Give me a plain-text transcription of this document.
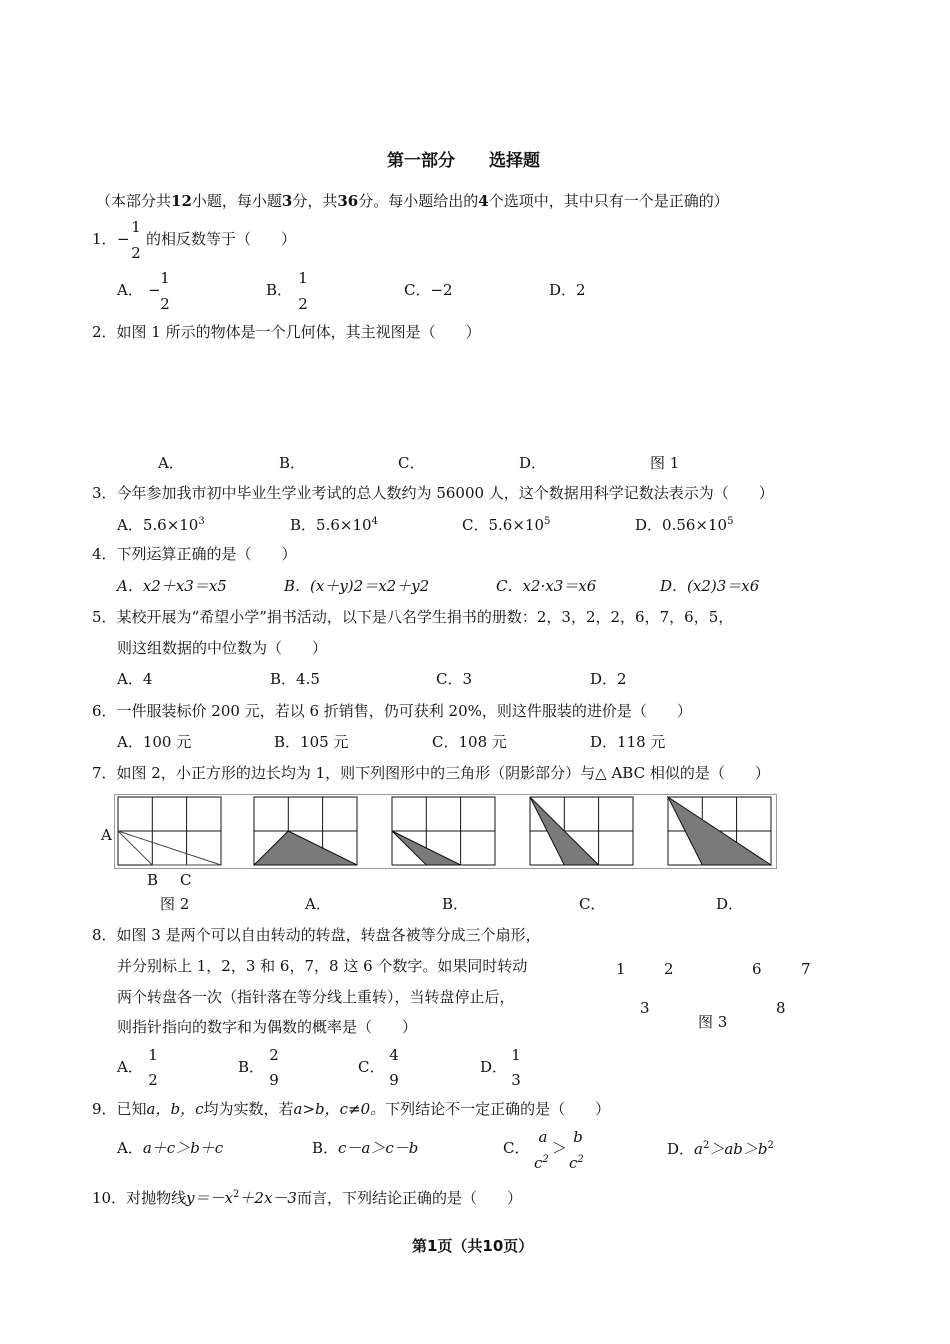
第一部分　　选择题
（本部分共12小题，每小题3分，共36分。每小题给出的4个选项中，其中只有一个是正确的）
1． −
1
2
的相反数等于（　　）
A． −
1
2
B．
1
2
C．−2	D．2
2．如图 1 所示的物体是一个几何体，其主视图是（　　）
A．	B．	C．	D．	图 1
3．今年参加我市初中毕业生学业考试的总人数约为 56000 人，这个数据用科学记数法表示为（　　）
A．$5.6\times 10^3$	B．$5.6\times 10^4$	C．$5.6\times 10^5$	D．$0.56\times 10^5$
4．下列运算正确的是（　　）
A．x2＋x3＝x5	B．(x＋y)2＝x2＋y2	C．x2·x3＝x6	D．(x2)3＝x6
5．某校开展为“希望小学”捐书活动，以下是八名学生捐书的册数：2，3，2，2，6，7，6，5，
则这组数据的中位数为（　　）
A．4	B．4.5	C．3	D．2
6．一件服装标价 200 元，若以 6 折销售，仍可获利 20%，则这件服装的进价是（　　）
A．100 元	B．105 元	C．108 元	D．118 元
7．如图 2，小正方形的边长均为 1，则下列图形中的三角形（阴影部分）与△ ABC 相似的是（　　）
A
B C
图 2	A．	B．	C．	D．
8．如图 3 是两个可以自由转动的转盘，转盘各被等分成三个扇形，
并分别标上 1，2，3 和 6，7，8 这 6 个数字。如果同时转动
两个转盘各一次（指针落在等分线上重转），当转盘停止后，
则指针指向的数字和为偶数的概率是（　　）
1	2
3
6	7
8
图 3
A．
1
2
B．
2
9
C．
4
9
D．
1
3
9．已知a，b，c均为实数，若a>b，c≠0。下列结论不一定正确的是（　　）
A．a＋c＞b＋c	B．c－a＞c－b	C．
a
$c^2$
＞
b
$c^2$
D．$a^2>ab>b^2$
10．对抛物线$y=-x^2+2x-3$而言，下列结论正确的是（　　）
第1页（共10页）
